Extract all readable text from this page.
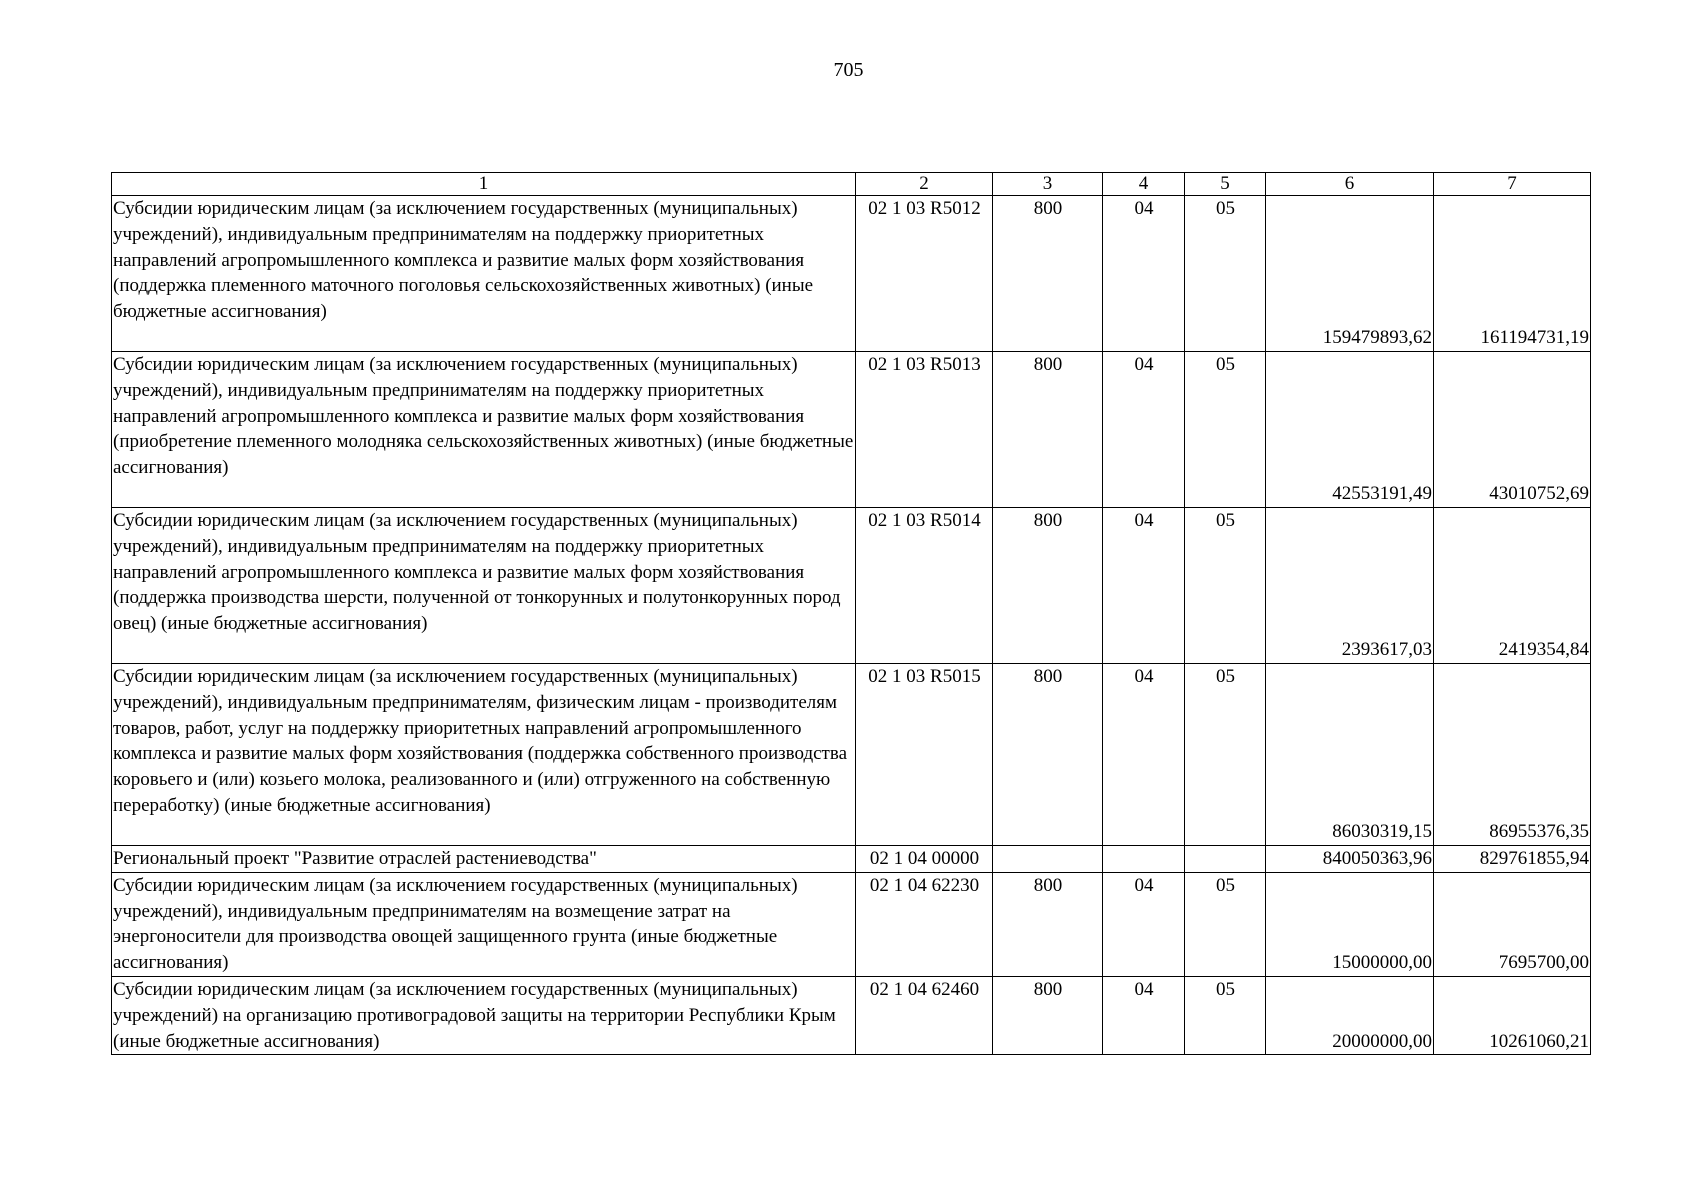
705
1	2	3	4	5	6	7
Субсидии юридическим лицам (за исключением государственных (муниципальных) учреждений), индивидуальным предпринимателям на поддержку приоритетных направлений агропромышленного комплекса и развитие малых форм хозяйствования (поддержка племенного маточного поголовья сельскохозяйственных животных) (иные бюджетные ассигнования)	02 1 03 R5012	800	04	05	159479893,62	161194731,19
Субсидии юридическим лицам (за исключением государственных (муниципальных) учреждений), индивидуальным предпринимателям на поддержку приоритетных направлений агропромышленного комплекса и развитие малых форм хозяйствования (приобретение племенного молодняка сельскохозяйственных животных) (иные бюджетные ассигнования)	02 1 03 R5013	800	04	05	42553191,49	43010752,69
Субсидии юридическим лицам (за исключением государственных (муниципальных) учреждений), индивидуальным предпринимателям на поддержку приоритетных направлений агропромышленного комплекса и развитие малых форм хозяйствования (поддержка производства шерсти, полученной от тонкорунных и полутонкорунных пород овец) (иные бюджетные ассигнования)	02 1 03 R5014	800	04	05	2393617,03	2419354,84
Субсидии юридическим лицам (за исключением государственных (муниципальных) учреждений), индивидуальным предпринимателям, физическим лицам - производителям товаров, работ, услуг на поддержку приоритетных направлений агропромышленного комплекса и развитие малых форм хозяйствования (поддержка собственного производства коровьего и (или) козьего молока, реализованного и (или) отгруженного на собственную переработку) (иные бюджетные ассигнования)	02 1 03 R5015	800	04	05	86030319,15	86955376,35
Региональный проект "Развитие отраслей растениеводства"	02 1 04 00000				840050363,96	829761855,94
Субсидии юридическим лицам (за исключением государственных (муниципальных) учреждений), индивидуальным предпринимателям на возмещение затрат на энергоносители для производства овощей защищенного грунта (иные бюджетные ассигнования)	02 1 04 62230	800	04	05	15000000,00	7695700,00
Субсидии юридическим лицам (за исключением государственных (муниципальных) учреждений) на организацию противоградовой защиты на территории Республики Крым (иные бюджетные ассигнования)	02 1 04 62460	800	04	05	20000000,00	10261060,21
